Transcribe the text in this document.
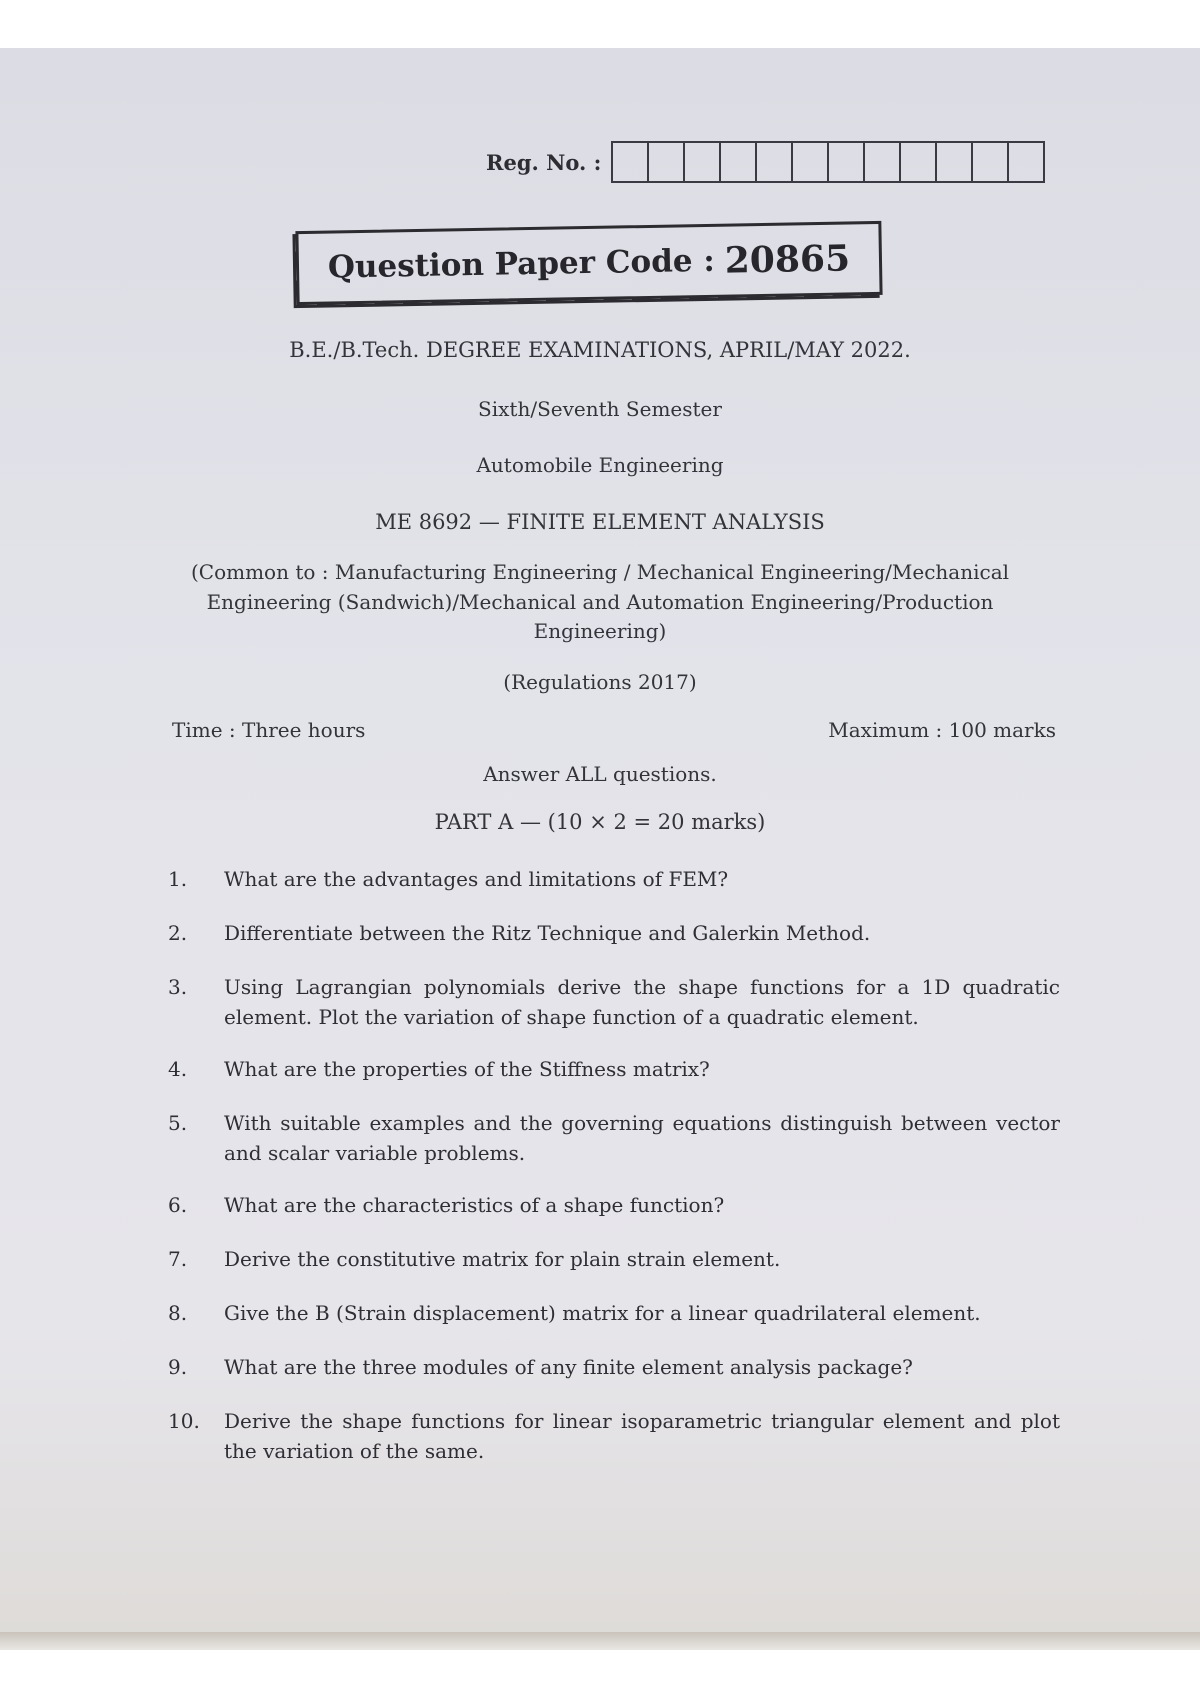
Reg. No. :
Question Paper Code : 20865
B.E./B.Tech. DEGREE EXAMINATIONS, APRIL/MAY 2022.
Sixth/Seventh Semester
Automobile Engineering
ME 8692 — FINITE ELEMENT ANALYSIS
(Common to : Manufacturing Engineering / Mechanical Engineering/Mechanical
Engineering (Sandwich)/Mechanical and Automation Engineering/Production
Engineering)
(Regulations 2017)
Time : Three hours	Maximum : 100 marks
Answer ALL questions.
PART A — (10 × 2 = 20 marks)
1.	What are the advantages and limitations of FEM?
2.	Differentiate between the Ritz Technique and Galerkin Method.
3.	Using Lagrangian polynomials derive the shape functions for a 1D quadratic element. Plot the variation of shape function of a quadratic element.
4.	What are the properties of the Stiffness matrix?
5.	With suitable examples and the governing equations distinguish between vector and scalar variable problems.
6.	What are the characteristics of a shape function?
7.	Derive the constitutive matrix for plain strain element.
8.	Give the B (Strain displacement) matrix for a linear quadrilateral element.
9.	What are the three modules of any finite element analysis package?
10.	Derive the shape functions for linear isoparametric triangular element and plot the variation of the same.
